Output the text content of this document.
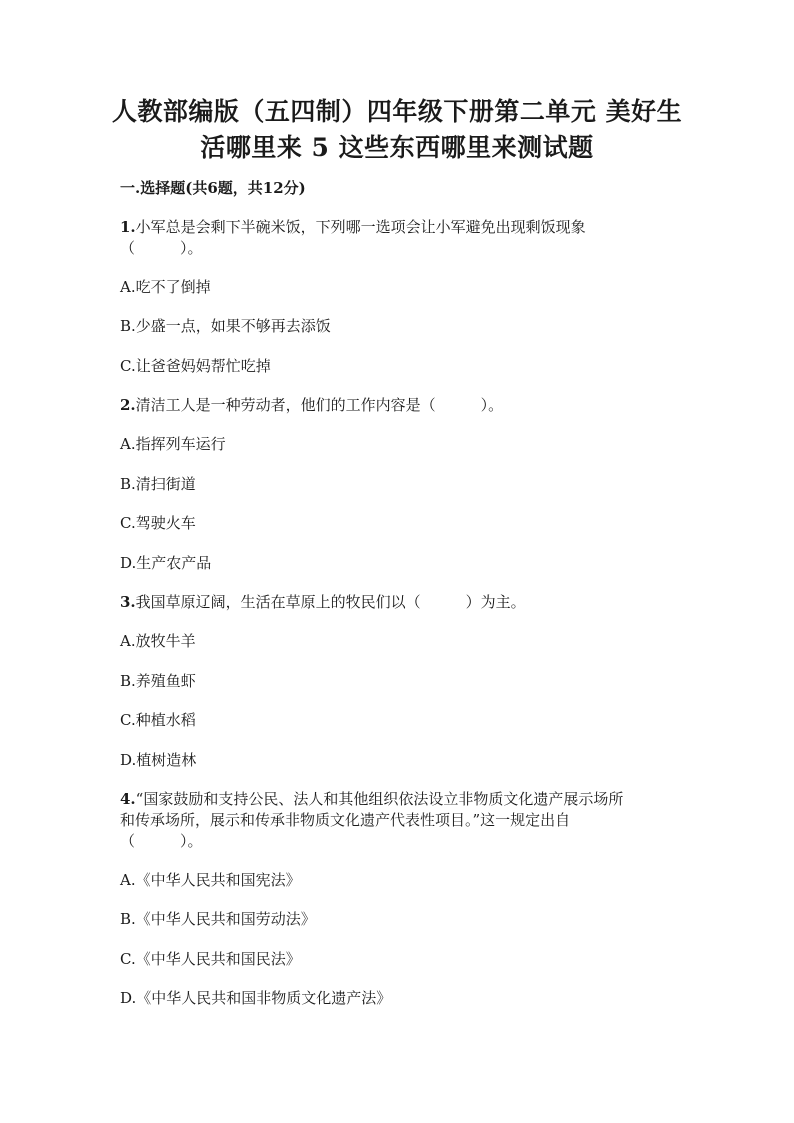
人教部编版（五四制）四年级下册第二单元 美好生
活哪里来 5 这些东西哪里来测试题

一.选择题(共6题，共12分)

1.小军总是会剩下半碗米饭，下列哪一选项会让小军避免出现剩饭现象

（　　　）。

A.吃不了倒掉

B.少盛一点，如果不够再去添饭

C.让爸爸妈妈帮忙吃掉

2.清洁工人是一种劳动者，他们的工作内容是（　　　）。

A.指挥列车运行

B.清扫街道

C.驾驶火车

D.生产农产品

3.我国草原辽阔，生活在草原上的牧民们以（　　　）为主。

A.放牧牛羊

B.养殖鱼虾

C.种植水稻

D.植树造林

4.“国家鼓励和支持公民、法人和其他组织依法设立非物质文化遗产展示场所

和传承场所，展示和传承非物质文化遗产代表性项目。”这一规定出自

（　　　）。

A.《中华人民共和国宪法》

B.《中华人民共和国劳动法》

C.《中华人民共和国民法》

D.《中华人民共和国非物质文化遗产法》
